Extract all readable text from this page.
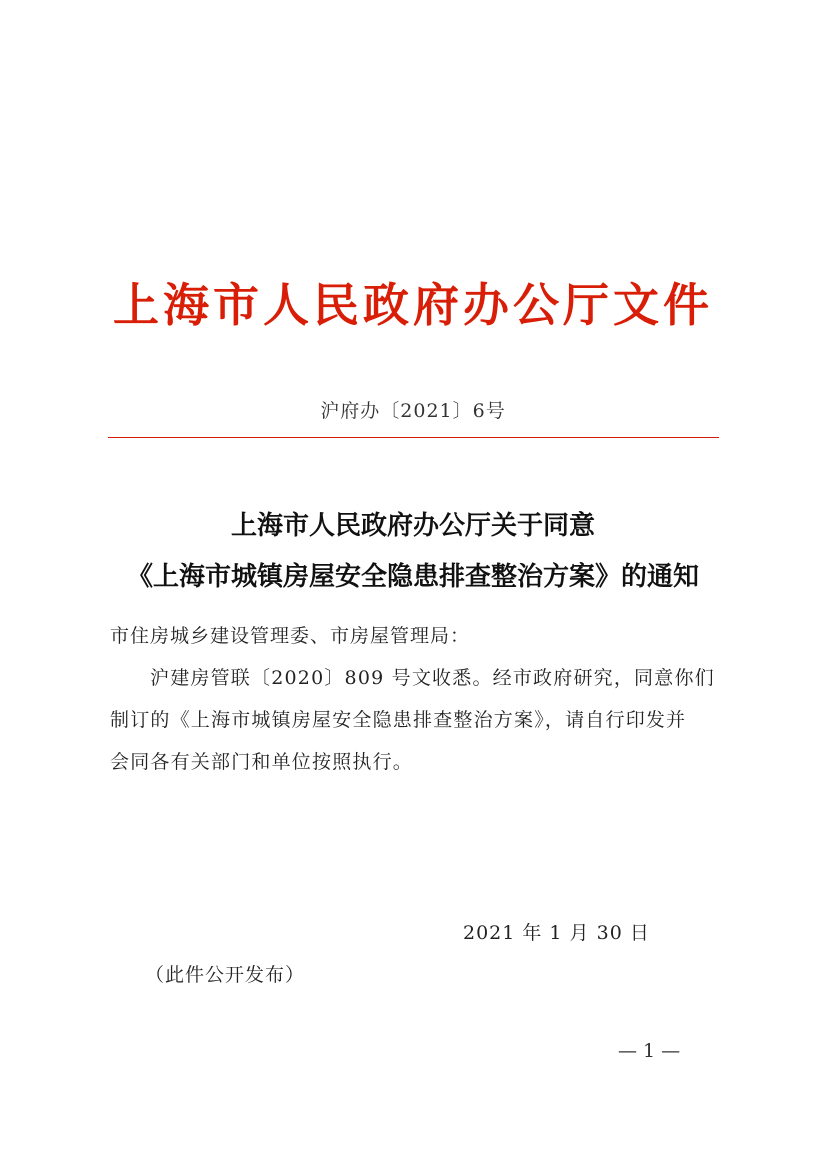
上海市人民政府办公厅文件
沪府办〔2021〕6号
上海市人民政府办公厅关于同意
《上海市城镇房屋安全隐患排查整治方案》的通知
市住房城乡建设管理委、市房屋管理局：
沪建房管联〔2020〕809 号文收悉。经市政府研究，同意你们
制订的《上海市城镇房屋安全隐患排查整治方案》，请自行印发并
会同各有关部门和单位按照执行。
2021 年 1 月 30 日
（此件公开发布）
— 1 —
